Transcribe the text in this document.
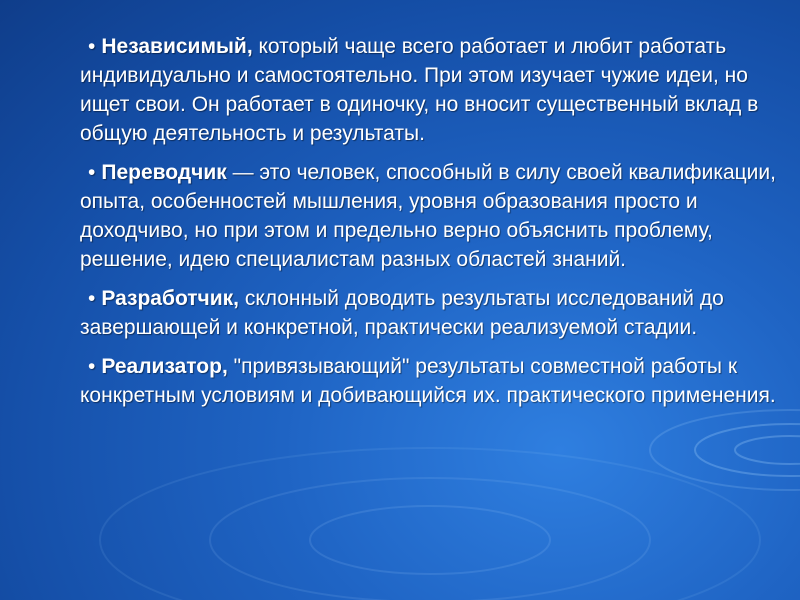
• Независимый, который чаще всего работает и любит работать индивидуально и самостоятельно. При этом изучает чужие идеи, но ищет свои. Он работает в одиночку, но вносит существенный вклад в общую деятельность и результаты.

• Переводчик — это человек, способный в силу своей квалификации, опыта, особенностей мышления, уровня образования просто и доходчиво, но при этом и предельно верно объяснить проблему, решение, идею специалистам разных областей знаний.

• Разработчик, склонный доводить результаты исследований до завершающей и конкретной, практически реализуемой стадии.

• Реализатор, "привязывающий" результаты совместной работы к конкретным условиям и добивающийся их. практического применения.
